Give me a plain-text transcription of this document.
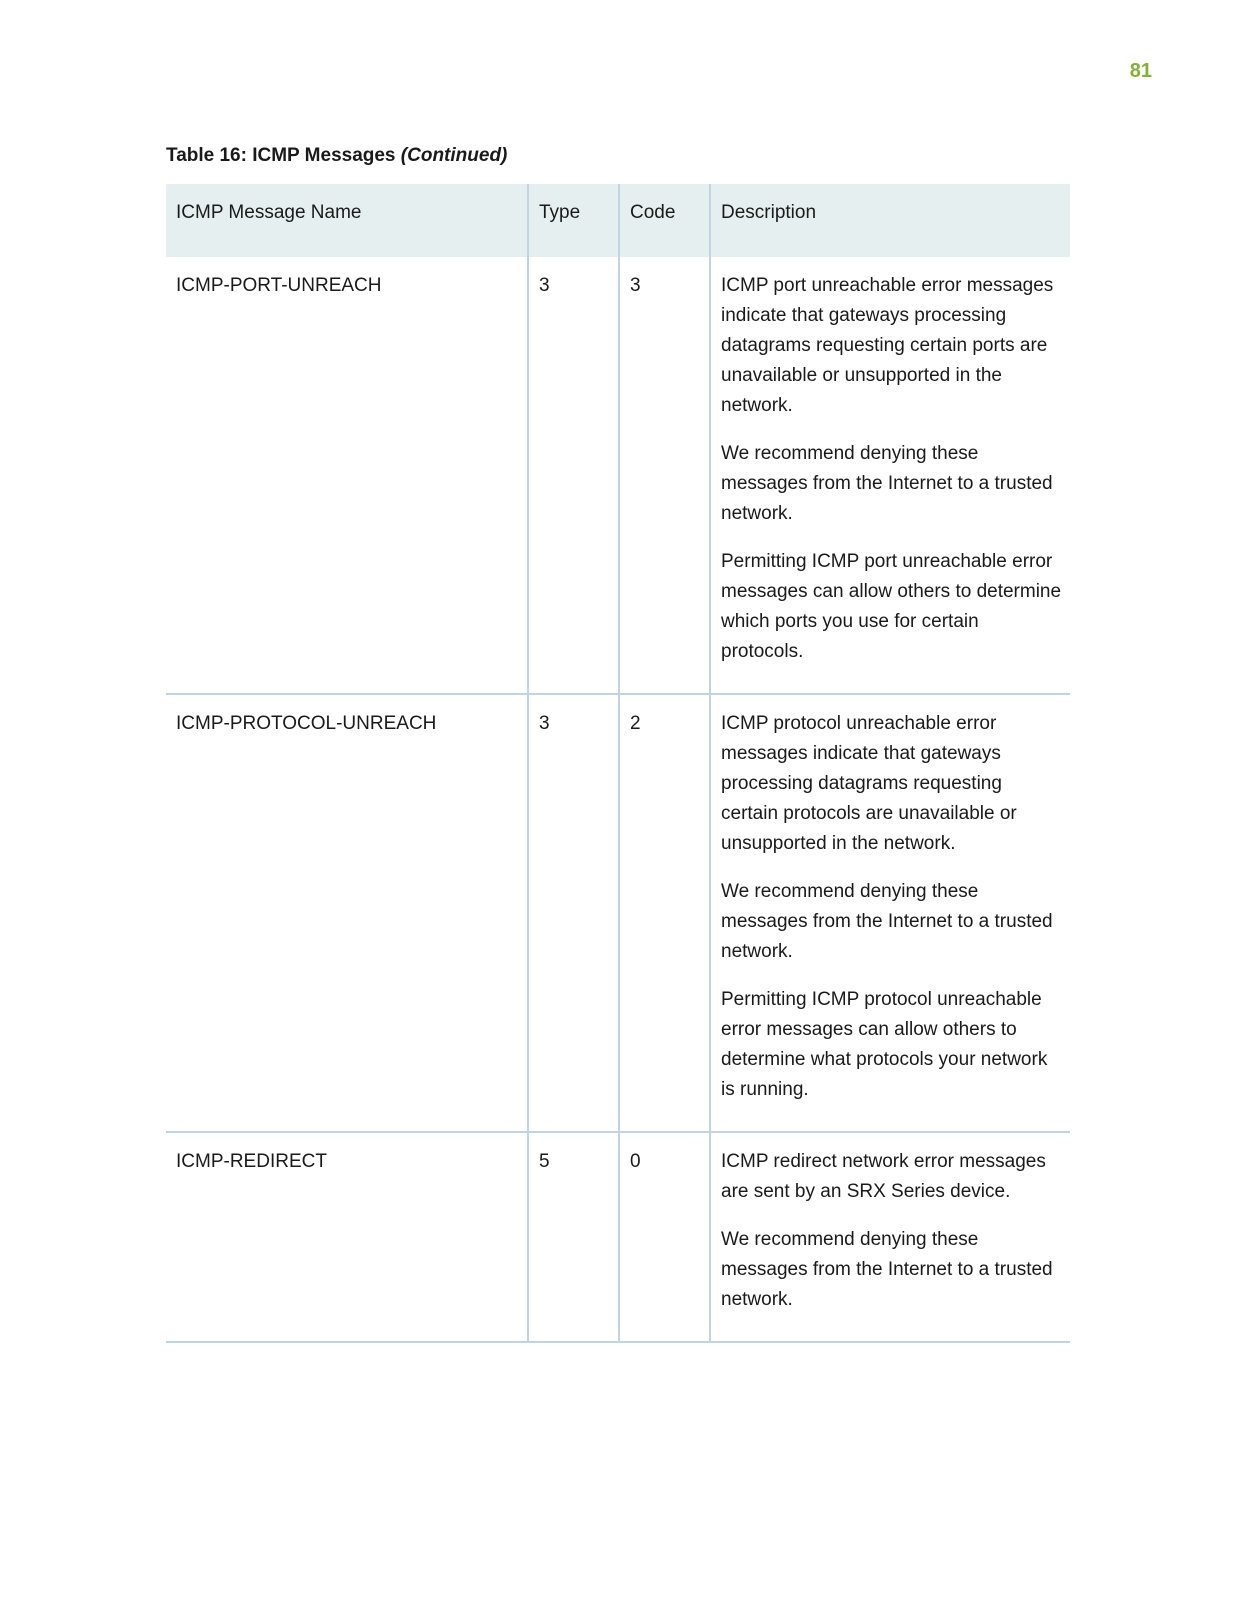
81
Table 16: ICMP Messages (Continued)
ICMP Message Name	Type	Code	Description
ICMP-PORT-UNREACH	3	3	ICMP port unreachable error messages indicate that gateways processing datagrams requesting certain ports are unavailable or unsupported in the network.

We recommend denying these messages from the Internet to a trusted network.

Permitting ICMP port unreachable error messages can allow others to determine which ports you use for certain protocols.

ICMP-PROTOCOL-UNREACH	3	2	ICMP protocol unreachable error messages indicate that gateways processing datagrams requesting certain protocols are unavailable or unsupported in the network.

We recommend denying these messages from the Internet to a trusted network.

Permitting ICMP protocol unreachable error messages can allow others to determine what protocols your network is running.

ICMP-REDIRECT	5	0	ICMP redirect network error messages are sent by an SRX Series device.

We recommend denying these messages from the Internet to a trusted network.
